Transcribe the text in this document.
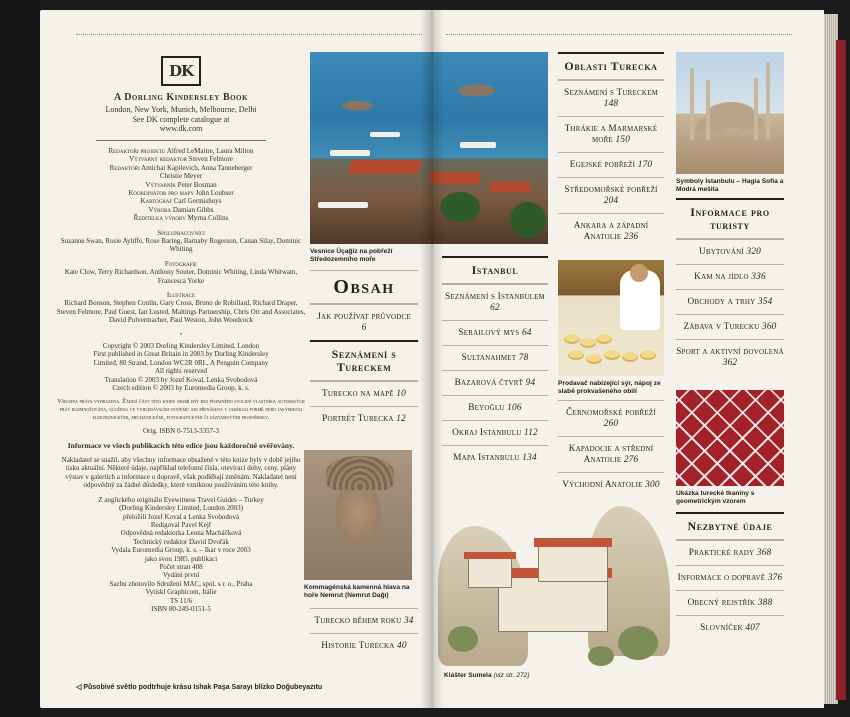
DK
A Dorling Kindersley Book
London, New York, Munich, Melbourne, Delhi
See DK complete catalogue at
www.dk.com
Redaktoři projektu Alfred LeMaitre, Laura Milton
Výtvarný redaktor Steven Felmore
Redaktoři Amichai Kapilevich, Anna Tanneberger
Christie Meyer
Výtvarník Peter Bosman
Koordinátor pro mapy John Loubser
Kartograf Carl Germishuys
Výroba Damian Gibbs
Ředitelka výroby Myrna Collins
Spolupracovníci
Suzanne Swan, Rosie Ayliffe, Rose Baring, Barnaby Rogerson, Canan Silay, Dominic Whiting
Fotografie
Kate Clow, Terry Richardson, Anthony Souter, Dominic Whiting, Linda Whitwam, Francesca Yorke
Ilustrace
Richard Bonson, Stephen Conlin, Gary Cross, Bruno de Robillard, Richard Draper, Steven Felmore, Paul Guest, Ian Lusted, Maltings Partnership, Chris Orr and Associates, David Pulvermacher, Paul Weston, John Woodcock
•
Copyright © 2003 Dorling Kindersley Limited, London
First published in Great Britain in 2003 by Dorling Kindersley
Limited, 80 Strand, London WC2R 0RL, A Penguin Company
All rights reserved
Translation © 2003 by Jozef Koval, Lenka Svobodová
Czech edition © 2003 by Euromedia Group, k. s.
Všechna práva vyhrazena. Žádná část této knihy nesmí být bez písemného svolení vlastníka autorských práv rozmnožována, uložena ve vyhledávacím systému ani přenášena v jakékoli formě nebo jakýmikoli elektronickými, mechanickými, fotografickými či záznamovými prostředky.
Orig. ISBN 0-7513-3357-3
Informace ve všech publikacích této edice jsou každoročně ověřovány.
Nakladatel se snažil, aby všechny informace obsažené v této knize byly v době jejího tisku aktuální. Některé údaje, například telefonní čísla, otevírací doby, ceny, plány výstav v galeriích a informace o dopravě, však podléhají změnám. Nakladatel není odpovědný za žádné důsledky, které vzniknou používáním této knihy.
Z anglického originálu Eyewitness Travel Guides – Turkey
(Dorling Kindersley Limited, London 2003)
přeložili Jozef Koval a Lenka Svobodová
Redigoval Pavel Kejř
Odpovědná redaktorka Leona Macháčková
Technický redaktor David Dvořák
Vydala Euromedia Group, k. s. – Ikar v roce 2003
jako svou 1985. publikaci
Počet stran 408
Vydání první
Sazbu zhotovilo Sdružení MAC, spol. s r. o., Praha
Vytiskl Graphicom, Itálie
TS 11/6
ISBN 80-249-0151-5
◁ Působivé světlo podtrhuje krásu Ishak Paşa Sarayı blízko Doğubeyazıtu
Vesnice Üçağiz na pobřeží Středozemního moře
Obsah
Jak používat průvodce
6
Seznámení s Tureckem
Turecko na mapě 10
Portrét Turecka 12
Kommagénská kamenná hlava na hoře Nemrut (Nemrut Dağı)
Turecko během roku 34
Historie Turecka 40
Istanbul
Seznámení s Istanbulem 62
Serailový mys 64
Sultanahmet 78
Bazarová čtvrť 94
Beyoğlu 106
Okraj Istanbulu 112
Mapa Istanbulu 134
Oblasti Turecka
Seznámení s Tureckem 148
Thrákie a Marmarské moře 150
Egejské pobřeží 170
Středomořské pobřeží 204
Ankara a západní Anatolie 236
Prodavač nabízející sýr, nápoj ze slabě prokvašeného obilí
Černomořské pobřeží 260
Kapadocie a střední Anatolie 276
Východní Anatolie 300
Klášter Sumela (viz str. 272)
Symboly Istanbulu – Hagia Sofia a Modrá mešita
Informace pro turisty
Ubytování 320
Kam na jídlo 336
Obchody a trhy 354
Zábava v Turecku 360
Sport a aktivní dovolená 362
Ukázka turecké tkaniny s geometrickým vzorem
Nezbytné údaje
Praktické rady 368
Informace o dopravě 376
Obecný rejstřík 388
Slovníček 407
